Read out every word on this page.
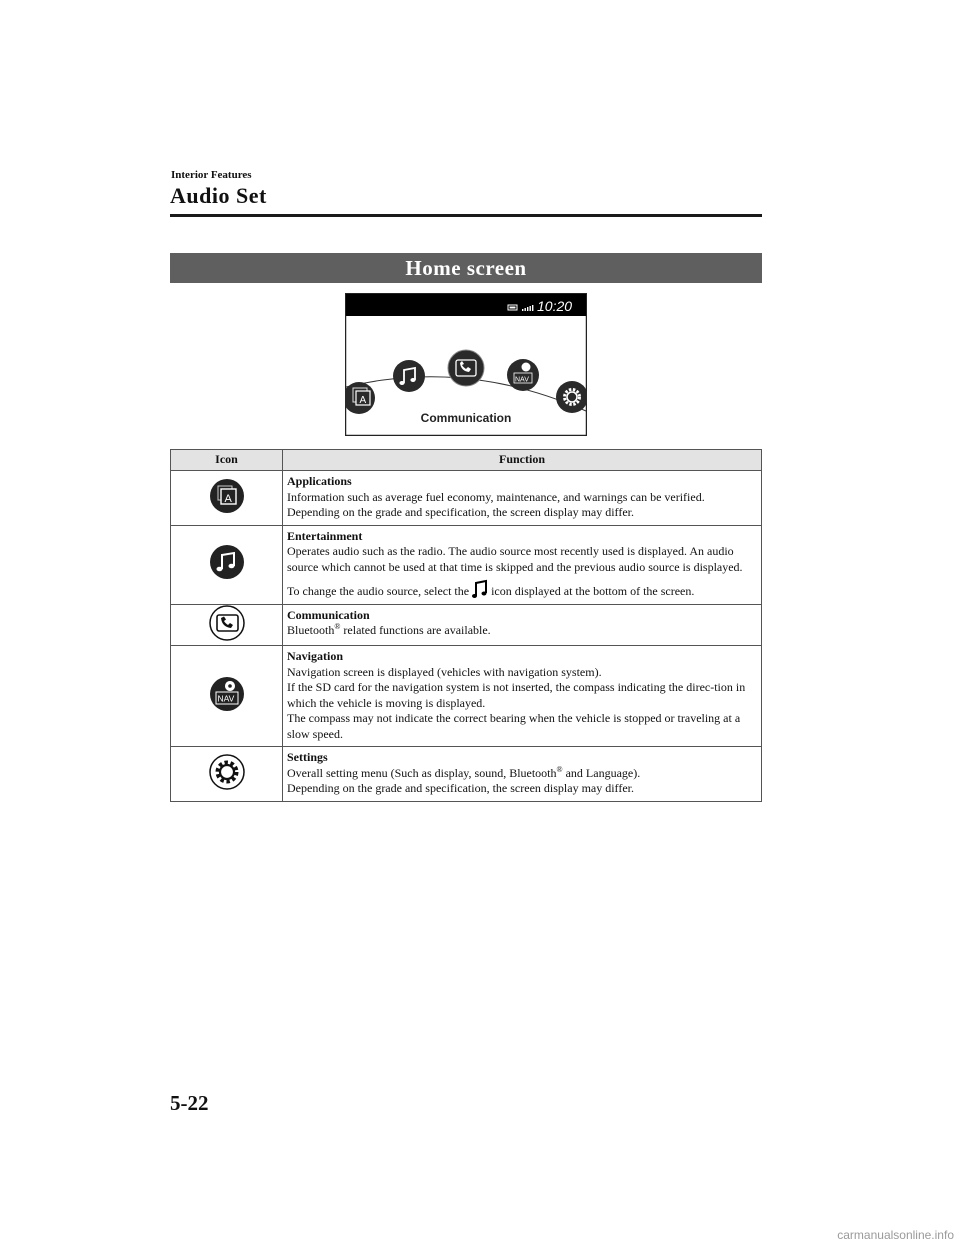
Interior Features
Audio Set
Home screen
10:20
A
NAV
Communication
Icon	Function

A	Applications
Information such as average fuel economy, maintenance, and warnings can be verified.
Depending on the grade and specification, the screen display may differ.

Entertainment
Operates audio such as the radio. The audio source most recently used is displayed. An audio source which cannot be used at that time is skipped and the previous audio source is displayed.
To change the audio source, select the icon displayed at the bottom of the screen.

Communication
Bluetooth® related functions are available.

NAV	Navigation
Navigation screen is displayed (vehicles with navigation system).
If the SD card for the navigation system is not inserted, the compass indicating the direc-tion in which the vehicle is moving is displayed.
The compass may not indicate the correct bearing when the vehicle is stopped or traveling at a slow speed.

Settings
Overall setting menu (Such as display, sound, Bluetooth® and Language).
Depending on the grade and specification, the screen display may differ.
5-22
carmanualsonline.info
